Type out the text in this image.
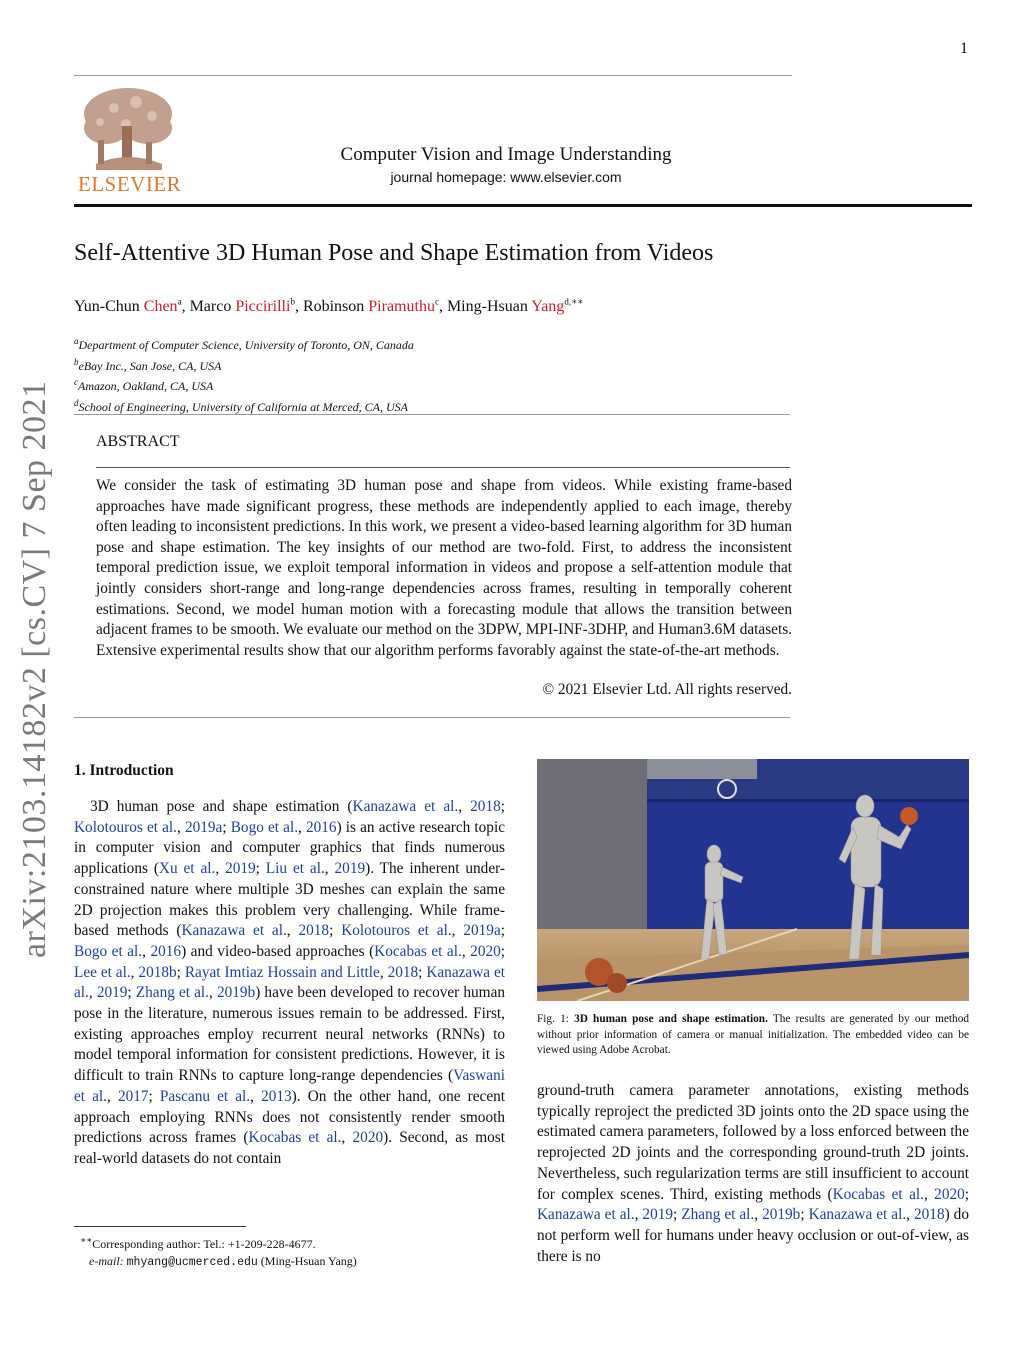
1
ELSEVIER
Computer Vision and Image Understanding
journal homepage: www.elsevier.com
arXiv:2103.14182v2 [cs.CV] 7 Sep 2021
Self-Attentive 3D Human Pose and Shape Estimation from Videos
Yun-Chun Chen$^a$, Marco Piccirilli$^b$, Robinson Piramuthu$^c$, Ming-Hsuan Yang$^{d,∗∗}$
$^a$Department of Computer Science, University of Toronto, ON, Canada
$^b$eBay Inc., San Jose, CA, USA
$^c$Amazon, Oakland, CA, USA
$^d$School of Engineering, University of California at Merced, CA, USA
ABSTRACT
We consider the task of estimating 3D human pose and shape from videos. While existing frame-based approaches have made significant progress, these methods are independently applied to each image, thereby often leading to inconsistent predictions. In this work, we present a video-based learning algorithm for 3D human pose and shape estimation. The key insights of our method are two-fold. First, to address the inconsistent temporal prediction issue, we exploit temporal information in videos and propose a self-attention module that jointly considers short-range and long-range dependencies across frames, resulting in temporally coherent estimations. Second, we model human motion with a forecasting module that allows the transition between adjacent frames to be smooth. We evaluate our method on the 3DPW, MPI-INF-3DHP, and Human3.6M datasets. Extensive experimental results show that our algorithm performs favorably against the state-of-the-art methods.
© 2021 Elsevier Ltd. All rights reserved.
1. Introduction
3D human pose and shape estimation (Kanazawa et al., 2018; Kolotouros et al., 2019a; Bogo et al., 2016) is an active research topic in computer vision and computer graphics that finds numerous applications (Xu et al., 2019; Liu et al., 2019). The inherent under-constrained nature where multiple 3D meshes can explain the same 2D projection makes this problem very challenging. While frame-based methods (Kanazawa et al., 2018; Kolotouros et al., 2019a; Bogo et al., 2016) and video-based approaches (Kocabas et al., 2020; Lee et al., 2018b; Rayat Imtiaz Hossain and Little, 2018; Kanazawa et al., 2019; Zhang et al., 2019b) have been developed to recover human pose in the literature, numerous issues remain to be addressed. First, existing approaches employ recurrent neural networks (RNNs) to model temporal information for consistent predictions. However, it is difficult to train RNNs to capture long-range dependencies (Vaswani et al., 2017; Pascanu et al., 2013). On the other hand, one recent approach employing RNNs does not consistently render smooth predictions across frames (Kocabas et al., 2020). Second, as most real-world datasets do not contain
Fig. 1: 3D human pose and shape estimation. The results are generated by our method without prior information of camera or manual initialization. The embedded video can be viewed using Adobe Acrobat.
ground-truth camera parameter annotations, existing methods typically reproject the predicted 3D joints onto the 2D space using the estimated camera parameters, followed by a loss enforced between the reprojected 2D joints and the corresponding ground-truth 2D joints. Nevertheless, such regularization terms are still insufficient to account for complex scenes. Third, existing methods (Kocabas et al., 2020; Kanazawa et al., 2019; Zhang et al., 2019b; Kanazawa et al., 2018) do not perform well for humans under heavy occlusion or out-of-view, as there is no
∗∗Corresponding author: Tel.: +1-209-228-4677.
e-mail: mhyang@ucmerced.edu (Ming-Hsuan Yang)
